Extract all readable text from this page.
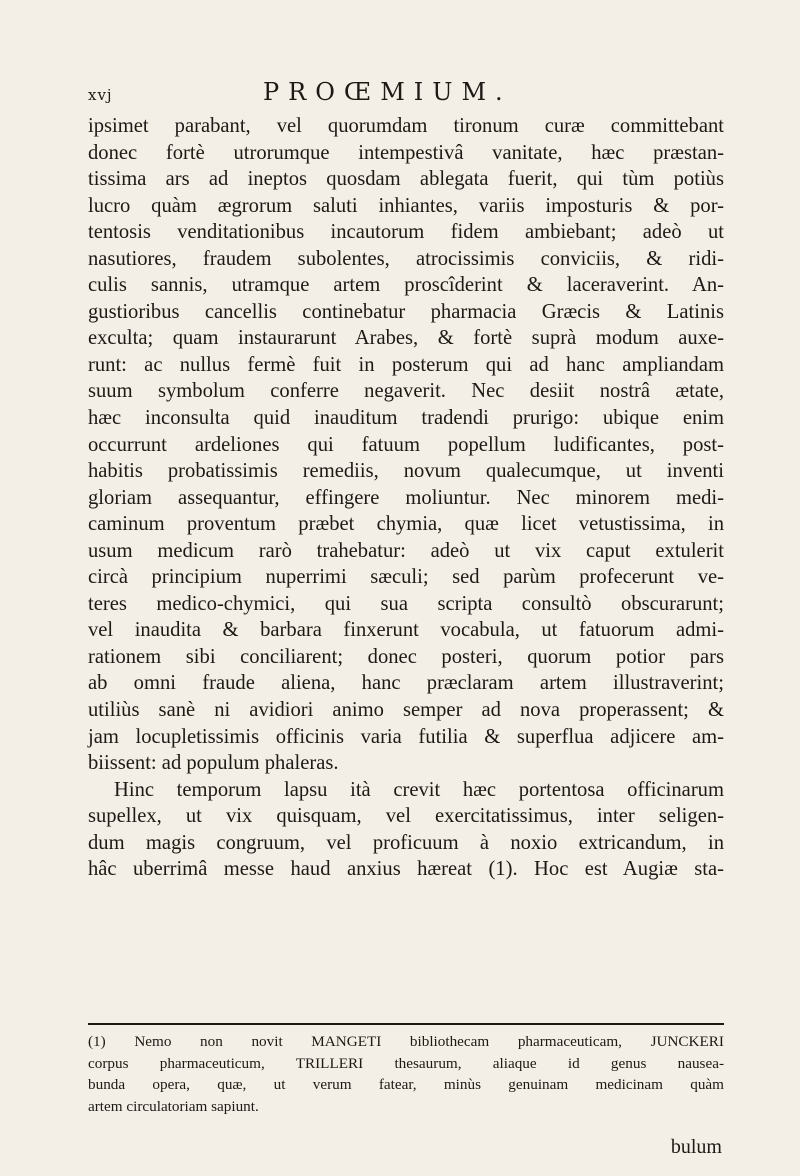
xvj	PROŒMIUM.
ipsimet parabant, vel quorumdam tironum curæ committebant
donec fortè utrorumque intempestivâ vanitate, hæc præstan-
tissima ars ad ineptos quosdam ablegata fuerit, qui tùm potiùs
lucro quàm ægrorum saluti inhiantes, variis imposturis & por-
tentosis venditationibus incautorum fidem ambiebant; adeò ut
nasutiores, fraudem subolentes, atrocissimis conviciis, & ridi-
culis sannis, utramque artem proscîderint & laceraverint. An-
gustioribus cancellis continebatur pharmacia Græcis & Latinis
exculta; quam instaurarunt Arabes, & fortè suprà modum auxe-
runt: ac nullus fermè fuit in posterum qui ad hanc ampliandam
suum symbolum conferre negaverit. Nec desiit nostrâ ætate,
hæc inconsulta quid inauditum tradendi prurigo: ubique enim
occurrunt ardeliones qui fatuum popellum ludificantes, post-
habitis probatissimis remediis, novum qualecumque, ut inventi
gloriam assequantur, effingere moliuntur. Nec minorem medi-
caminum proventum præbet chymia, quæ licet vetustissima, in
usum medicum rarò trahebatur: adeò ut vix caput extulerit
circà principium nuperrimi sæculi; sed parùm profecerunt ve-
teres medico-chymici, qui sua scripta consultò obscurarunt;
vel inaudita & barbara finxerunt vocabula, ut fatuorum admi-
rationem sibi conciliarent; donec posteri, quorum potior pars
ab omni fraude aliena, hanc præclaram artem illustraverint;
utiliùs sanè ni avidiori animo semper ad nova properassent; &
jam locupletissimis officinis varia futilia & superflua adjicere am-
biissent: ad populum phaleras.
Hinc temporum lapsu ità crevit hæc portentosa officinarum
supellex, ut vix quisquam, vel exercitatissimus, inter seligen-
dum magis congruum, vel proficuum à noxio extricandum, in
hâc uberrimâ messe haud anxius hæreat (1). Hoc est Augiæ sta-
(1) Nemo non novit MANGETI bibliothecam pharmaceuticam, JUNCKERI
corpus pharmaceuticum, TRILLERI thesaurum, aliaque id genus nausea-
bunda opera, quæ, ut verum fatear, minùs genuinam medicinam quàm
artem circulatoriam sapiunt.
bulum
